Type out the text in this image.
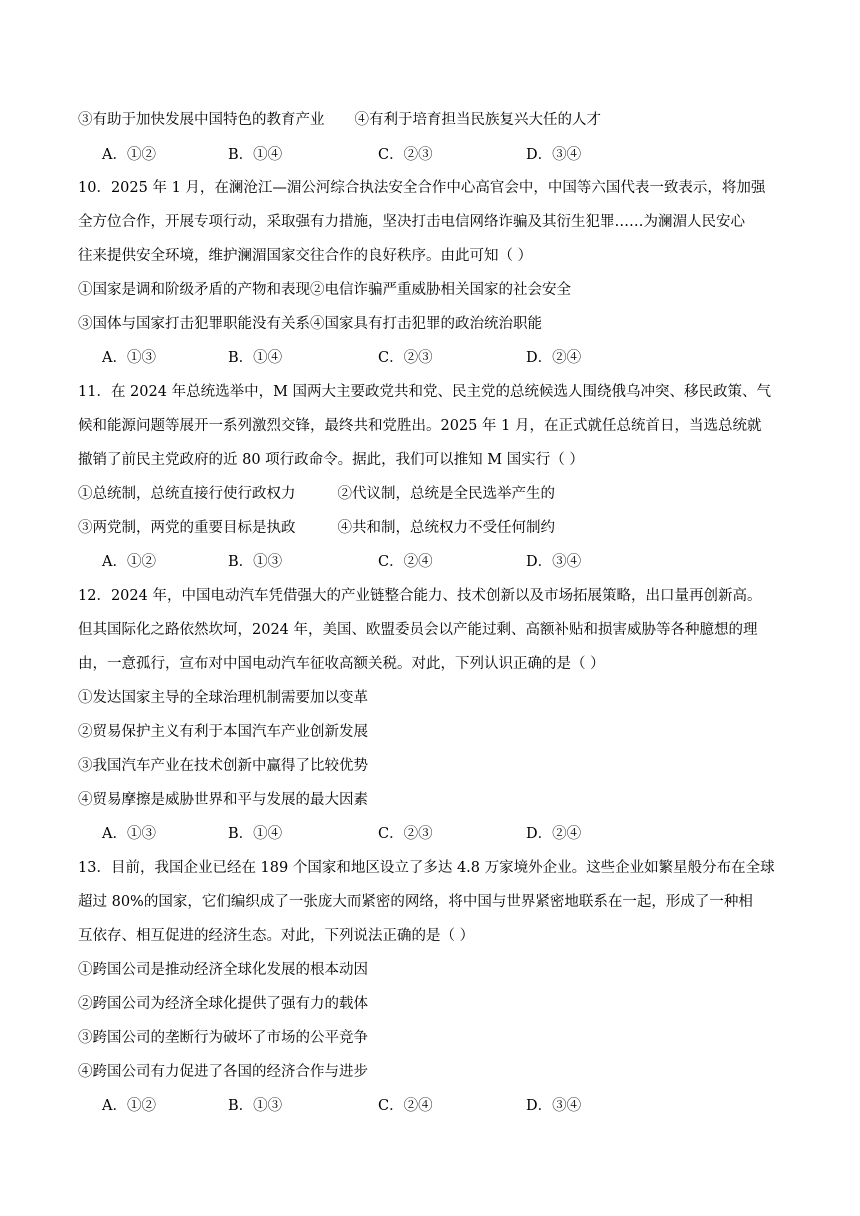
③有助于加快发展中国特色的教育产业 ④有利于培育担当民族复兴大任的人才
A．①②	B．①④	C．②③	D．③④
10．2025 年 1 月，在澜沧江—湄公河综合执法安全合作中心高官会中，中国等六国代表一致表示，将加强
全方位合作，开展专项行动，采取强有力措施，坚决打击电信网络诈骗及其衍生犯罪……为澜湄人民安心
往来提供安全环境，维护澜湄国家交往合作的良好秩序。由此可知（ ）
①国家是调和阶级矛盾的产物和表现②电信诈骗严重威胁相关国家的社会安全
③国体与国家打击犯罪职能没有关系④国家具有打击犯罪的政治统治职能
A．①③	B．①④	C．②③	D．②④
11．在 2024 年总统选举中，M 国两大主要政党共和党、民主党的总统候选人围绕俄乌冲突、移民政策、气
候和能源问题等展开一系列激烈交锋，最终共和党胜出。2025 年 1 月，在正式就任总统首日，当选总统就
撤销了前民主党政府的近 80 项行政命令。据此，我们可以推知 M 国实行（ ）
①总统制，总统直接行使行政权力	②代议制，总统是全民选举产生的
③两党制，两党的重要目标是执政	④共和制，总统权力不受任何制约
A．①②	B．①③	C．②④	D．③④
12．2024 年，中国电动汽车凭借强大的产业链整合能力、技术创新以及市场拓展策略，出口量再创新高。
但其国际化之路依然坎坷，2024 年，美国、欧盟委员会以产能过剩、高额补贴和损害威胁等各种臆想的理
由，一意孤行，宣布对中国电动汽车征收高额关税。对此，下列认识正确的是（ ）
①发达国家主导的全球治理机制需要加以变革
②贸易保护主义有利于本国汽车产业创新发展
③我国汽车产业在技术创新中赢得了比较优势
④贸易摩擦是威胁世界和平与发展的最大因素
A．①③	B．①④	C．②③	D．②④
13．目前，我国企业已经在 189 个国家和地区设立了多达 4.8 万家境外企业。这些企业如繁星般分布在全球
超过 80%的国家，它们编织成了一张庞大而紧密的网络，将中国与世界紧密地联系在一起，形成了一种相
互依存、相互促进的经济生态。对此，下列说法正确的是（ ）
①跨国公司是推动经济全球化发展的根本动因
②跨国公司为经济全球化提供了强有力的载体
③跨国公司的垄断行为破坏了市场的公平竞争
④跨国公司有力促进了各国的经济合作与进步
A．①②	B．①③	C．②④	D．③④
